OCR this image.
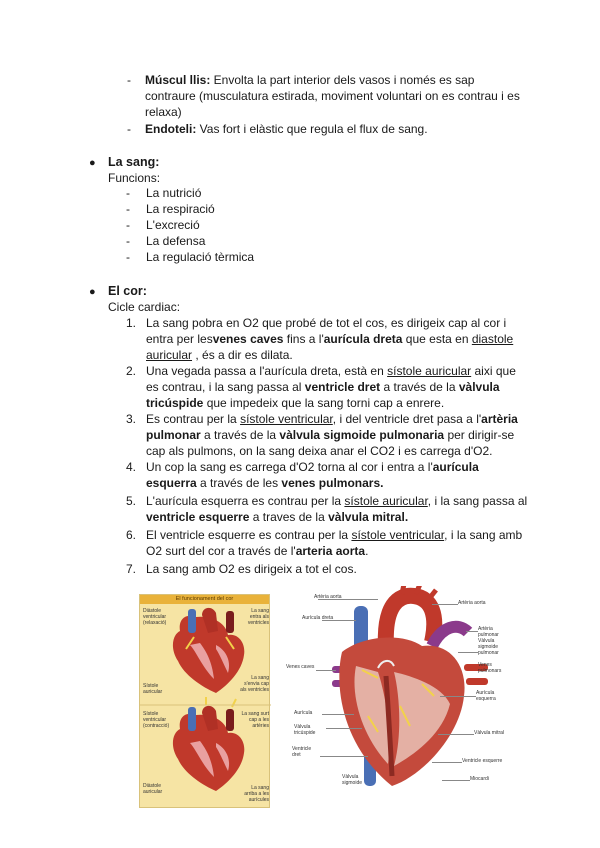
- Múscul llis: Envolta la part interior dels vasos i només es sap contraure (musculatura estirada, moviment voluntari on es contrau i es relaxa)
- Endoteli: Vas fort i elàstic que regula el flux de sang.
● La sang:
Funcions:
- La nutrició
- La respiració
- L'excreció
- La defensa
- La regulació tèrmica
● El cor:
Cicle cardiac:
1. La sang pobra en O2 que probé de tot el cos, es dirigeix cap al cor i entra per lesvenes caves fins a l'aurícula dreta que esta en diastole auricular , és a dir es dilata.
2. Una vegada passa a l'aurícula dreta, està en sístole auricular aixi que es contrau, i la sang passa al ventricle dret a través de la vàlvula tricúspide que impedeix que la sang torni cap a enrere.
3. Es contrau per la sístole ventricular, i del ventricle dret pasa a l'artèria pulmonar a través de la vàlvula sigmoide pulmonaria per dirigir-se cap als pulmons, on la sang deixa anar el CO2 i es carrega d'O2.
4. Un cop la sang es carrega d'O2 torna al cor i entra a l'aurícula esquerra a través de les venes pulmonars.
5. L'aurícula esquerra es contrau per la sístole auricular, i la sang passa al ventricle esquerre a traves de la vàlvula mitral.
6. El ventricle esquerre es contrau per la sístole ventricular, i la sang amb O2 surt del cor a través de l'arteria aorta.
7. La sang amb O2 es dirigeix a tot el cos.
El funcionament del cor
Diàstole ventricular (relaxació)
La sang entra als ventricles
Sístole auricular
La sang s'envia cap als ventricles
Sístole ventricular (contracció)
La sang surt cap a les artèries
Diàstole auricular
La sang arriba a les aurícules
Artèria aorta
Aurícula dreta
Venes caves
Aurícula
Vàlvula tricúspide
Ventricle dret
Vàlvula sigmoide
Artèria aorta
Artèria pulmonar
Vàlvula sigmoide pulmonar
Venes pulmonars
Aurícula esquerra
Vàlvula mitral
Ventricle esquerre
Miocardi
